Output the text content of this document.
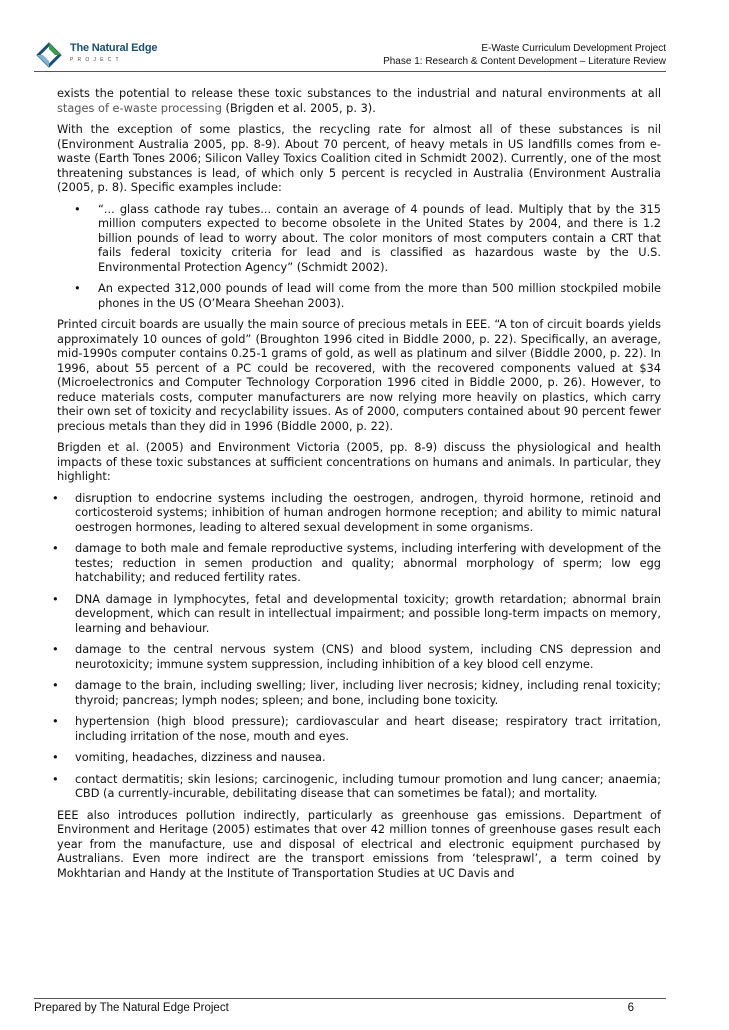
The Natural Edge
PROJECT
E-Waste Curriculum Development Project
Phase 1: Research & Content Development – Literature Review

exists the potential to release these toxic substances to the industrial and natural environments at all stages of e-waste processing (Brigden et al. 2005, p. 3).

With the exception of some plastics, the recycling rate for almost all of these substances is nil (Environment Australia 2005, pp. 8-9). About 70 percent, of heavy metals in US landfills comes from e-waste (Earth Tones 2006; Silicon Valley Toxics Coalition cited in Schmidt 2002). Currently, one of the most threatening substances is lead, of which only 5 percent is recycled in Australia (Environment Australia (2005, p. 8). Specific examples include:

• “... glass cathode ray tubes... contain an average of 4 pounds of lead. Multiply that by the 315 million computers expected to become obsolete in the United States by 2004, and there is 1.2 billion pounds of lead to worry about. The color monitors of most computers contain a CRT that fails federal toxicity criteria for lead and is classified as hazardous waste by the U.S. Environmental Protection Agency” (Schmidt 2002).
• An expected 312,000 pounds of lead will come from the more than 500 million stockpiled mobile phones in the US (O’Meara Sheehan 2003).

Printed circuit boards are usually the main source of precious metals in EEE. “A ton of circuit boards yields approximately 10 ounces of gold” (Broughton 1996 cited in Biddle 2000, p. 22). Specifically, an average, mid-1990s computer contains 0.25-1 grams of gold, as well as platinum and silver (Biddle 2000, p. 22). In 1996, about 55 percent of a PC could be recovered, with the recovered components valued at $34 (Microelectronics and Computer Technology Corporation 1996 cited in Biddle 2000, p. 26). However, to reduce materials costs, computer manufacturers are now relying more heavily on plastics, which carry their own set of toxicity and recyclability issues. As of 2000, computers contained about 90 percent fewer precious metals than they did in 1996 (Biddle 2000, p. 22).

Brigden et al. (2005) and Environment Victoria (2005, pp. 8-9) discuss the physiological and health impacts of these toxic substances at sufficient concentrations on humans and animals. In particular, they highlight:

• disruption to endocrine systems including the oestrogen, androgen, thyroid hormone, retinoid and corticosteroid systems; inhibition of human androgen hormone reception; and ability to mimic natural oestrogen hormones, leading to altered sexual development in some organisms.
• damage to both male and female reproductive systems, including interfering with development of the testes; reduction in semen production and quality; abnormal morphology of sperm; low egg hatchability; and reduced fertility rates.
• DNA damage in lymphocytes, fetal and developmental toxicity; growth retardation; abnormal brain development, which can result in intellectual impairment; and possible long-term impacts on memory, learning and behaviour.
• damage to the central nervous system (CNS) and blood system, including CNS depression and neurotoxicity; immune system suppression, including inhibition of a key blood cell enzyme.
• damage to the brain, including swelling; liver, including liver necrosis; kidney, including renal toxicity; thyroid; pancreas; lymph nodes; spleen; and bone, including bone toxicity.
• hypertension (high blood pressure); cardiovascular and heart disease; respiratory tract irritation, including irritation of the nose, mouth and eyes.
• vomiting, headaches, dizziness and nausea.
• contact dermatitis; skin lesions; carcinogenic, including tumour promotion and lung cancer; anaemia; CBD (a currently-incurable, debilitating disease that can sometimes be fatal); and mortality.

EEE also introduces pollution indirectly, particularly as greenhouse gas emissions. Department of Environment and Heritage (2005) estimates that over 42 million tonnes of greenhouse gases result each year from the manufacture, use and disposal of electrical and electronic equipment purchased by Australians. Even more indirect are the transport emissions from ‘telesprawl’, a term coined by Mokhtarian and Handy at the Institute of Transportation Studies at UC Davis and

Prepared by The Natural Edge Project	6
